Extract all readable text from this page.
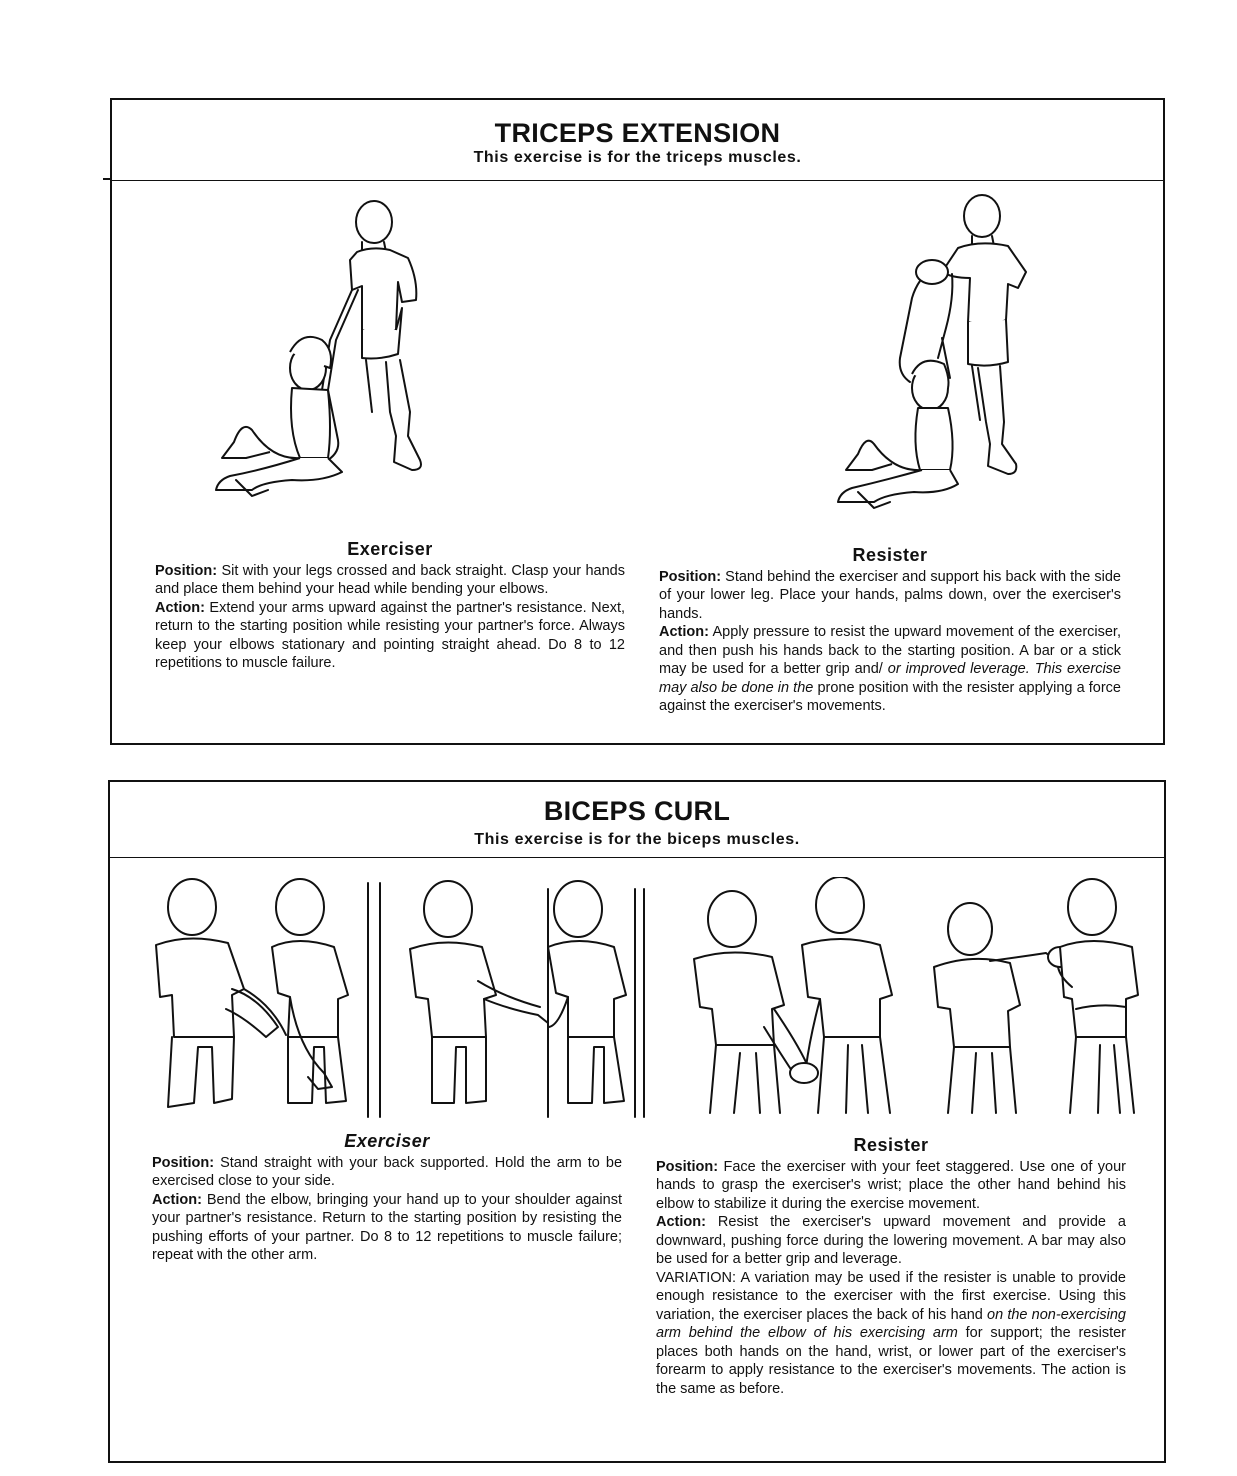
TRICEPS EXTENSION
This exercise is for the triceps muscles.
Exerciser

Position: Sit with your legs crossed and back straight. Clasp your hands and place them behind your head while bending your elbows.

Action: Extend your arms upward against the partner's resistance. Next, return to the starting position while resisting your partner's force. Always keep your elbows stationary and pointing straight ahead. Do 8 to 12 repetitions to muscle failure.

Resister

Position: Stand behind the exerciser and support his back with the side of your lower leg. Place your hands, palms down, over the exerciser's hands.

Action: Apply pressure to resist the upward movement of the exerciser, and then push his hands back to the starting position. A bar or a stick may be used for a better grip and/ or improved leverage. This exercise may also be done in the prone position with the resister applying a force against the exerciser's movements.

BICEPS CURL
This exercise is for the biceps muscles.
Exerciser

Position: Stand straight with your back supported. Hold the arm to be exercised close to your side.

Action: Bend the elbow, bringing your hand up to your shoulder against your partner's resistance. Return to the starting position by resisting the pushing efforts of your partner. Do 8 to 12 repetitions to muscle failure; repeat with the other arm.

Resister

Position: Face the exerciser with your feet staggered. Use one of your hands to grasp the exerciser's wrist; place the other hand behind his elbow to stabilize it during the exercise movement.

Action: Resist the exerciser's upward movement and provide a downward, pushing force during the lowering movement. A bar may also be used for a better grip and leverage.

VARIATION: A variation may be used if the resister is unable to provide enough resistance to the exerciser with the first exercise. Using this variation, the exerciser places the back of his hand on the non-exercising arm behind the elbow of his exercising arm for support; the resister places both hands on the hand, wrist, or lower part of the exerciser's forearm to apply resistance to the exerciser's movements. The action is the same as before.
